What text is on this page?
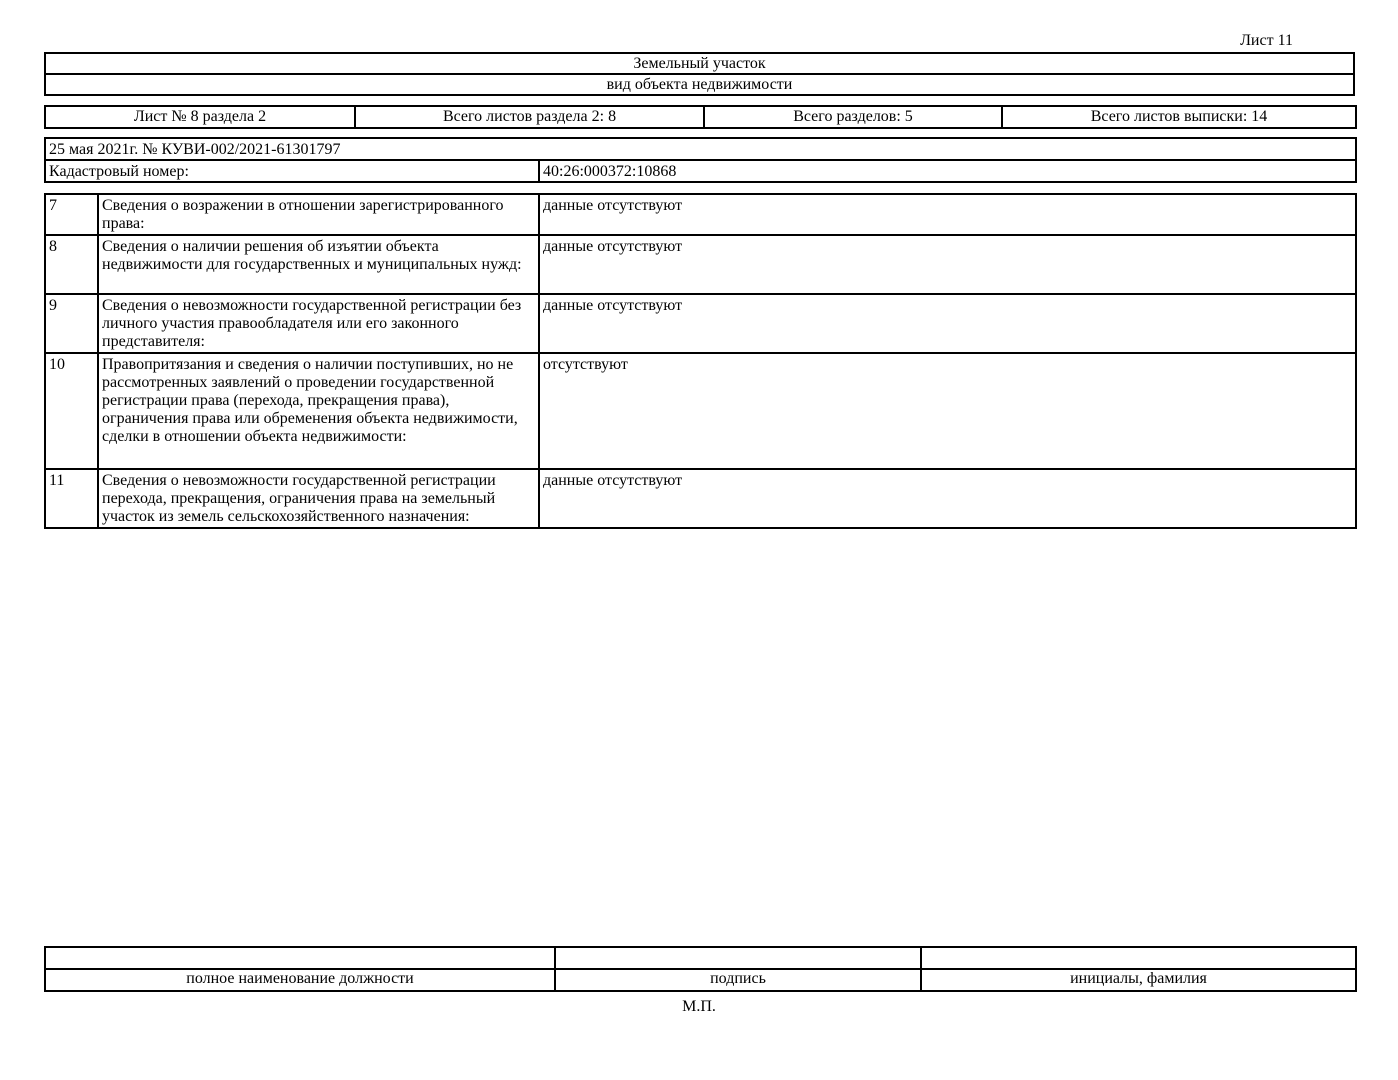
Лист 11
Земельный участок
вид объекта недвижимости
Лист № 8 раздела 2	Всего листов раздела 2: 8	Всего разделов: 5	Всего листов выписки: 14
25 мая 2021г. № КУВИ-002/2021-61301797
Кадастровый номер:	40:26:000372:10868
7	Сведения о возражении в отношении зарегистрированного права:	данные отсутствуют
8	Сведения о наличии решения об изъятии объекта недвижимости для государственных и муниципальных нужд:	данные отсутствуют
9	Сведения о невозможности государственной регистрации без личного участия правообладателя или его законного представителя:	данные отсутствуют
10	Правопритязания и сведения о наличии поступивших, но не рассмотренных заявлений о проведении государственной регистрации права (перехода, прекращения права), ограничения права или обременения объекта недвижимости, сделки в отношении объекта недвижимости:	отсутствуют
11	Сведения о невозможности государственной регистрации перехода, прекращения, ограничения права на земельный участок из земель сельскохозяйственного назначения:	данные отсутствуют

полное наименование должности	подпись	инициалы, фамилия
М.П.
